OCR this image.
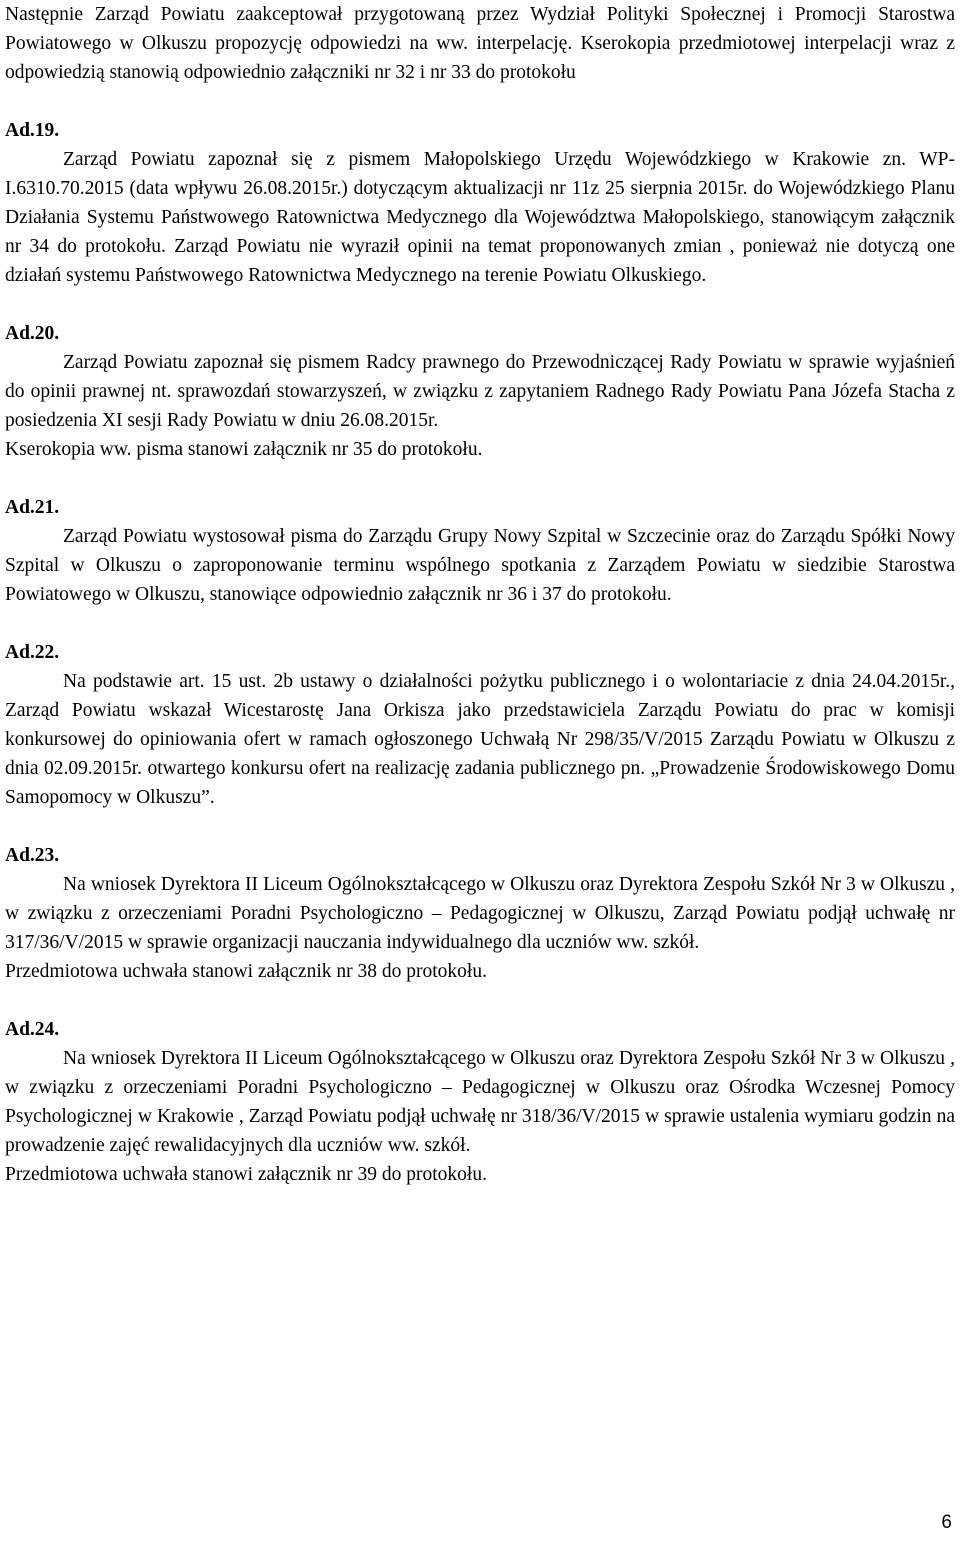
Następnie Zarząd Powiatu zaakceptował przygotowaną przez Wydział Polityki Społecznej i Promocji Starostwa Powiatowego w Olkuszu propozycję odpowiedzi na ww. interpelację. Kserokopia przedmiotowej interpelacji wraz z odpowiedzią stanowią odpowiednio załączniki nr 32 i nr 33 do protokołu

Ad.19.

Zarząd Powiatu zapoznał się z pismem Małopolskiego Urzędu Wojewódzkiego w Krakowie zn. WP-I.6310.70.2015 (data wpływu 26.08.2015r.) dotyczącym aktualizacji nr 11z 25 sierpnia 2015r. do Wojewódzkiego Planu Działania Systemu Państwowego Ratownictwa Medycznego dla Województwa Małopolskiego, stanowiącym załącznik nr 34 do protokołu. Zarząd Powiatu nie wyraził opinii na temat proponowanych zmian , ponieważ nie dotyczą one działań systemu Państwowego Ratownictwa Medycznego na terenie Powiatu Olkuskiego.

Ad.20.

Zarząd Powiatu zapoznał się pismem Radcy prawnego do Przewodniczącej Rady Powiatu w sprawie wyjaśnień do opinii prawnej nt. sprawozdań stowarzyszeń, w związku z zapytaniem Radnego Rady Powiatu Pana Józefa Stacha z posiedzenia XI sesji Rady Powiatu w dniu 26.08.2015r.

Kserokopia ww. pisma stanowi załącznik nr 35 do protokołu.

Ad.21.

Zarząd Powiatu wystosował pisma do Zarządu Grupy Nowy Szpital w Szczecinie oraz do Zarządu Spółki Nowy Szpital w Olkuszu o zaproponowanie terminu wspólnego spotkania z Zarządem Powiatu w siedzibie Starostwa Powiatowego w Olkuszu, stanowiące odpowiednio załącznik nr 36 i 37 do protokołu.

Ad.22.

Na podstawie art. 15 ust. 2b ustawy o działalności pożytku publicznego i o wolontariacie z dnia 24.04.2015r., Zarząd Powiatu wskazał Wicestarostę Jana Orkisza jako przedstawiciela Zarządu Powiatu do prac w komisji konkursowej do opiniowania ofert w ramach ogłoszonego Uchwałą Nr 298/35/V/2015 Zarządu Powiatu w Olkuszu z dnia 02.09.2015r. otwartego konkursu ofert na realizację zadania publicznego pn. „Prowadzenie Środowiskowego Domu Samopomocy w Olkuszu”.

Ad.23.

Na wniosek Dyrektora II Liceum Ogólnokształcącego w Olkuszu oraz Dyrektora Zespołu Szkół Nr 3 w Olkuszu , w związku z orzeczeniami Poradni Psychologiczno – Pedagogicznej w Olkuszu, Zarząd Powiatu podjął uchwałę nr 317/36/V/2015 w sprawie organizacji nauczania indywidualnego dla uczniów ww. szkół.

Przedmiotowa uchwała stanowi załącznik nr 38 do protokołu.

Ad.24.

Na wniosek Dyrektora II Liceum Ogólnokształcącego w Olkuszu oraz Dyrektora Zespołu Szkół Nr 3 w Olkuszu , w związku z orzeczeniami Poradni Psychologiczno – Pedagogicznej w Olkuszu oraz Ośrodka Wczesnej Pomocy Psychologicznej w Krakowie , Zarząd Powiatu podjął uchwałę nr 318/36/V/2015 w sprawie ustalenia wymiaru godzin na prowadzenie zajęć rewalidacyjnych dla uczniów ww. szkół.

Przedmiotowa uchwała stanowi załącznik nr 39 do protokołu.

6
